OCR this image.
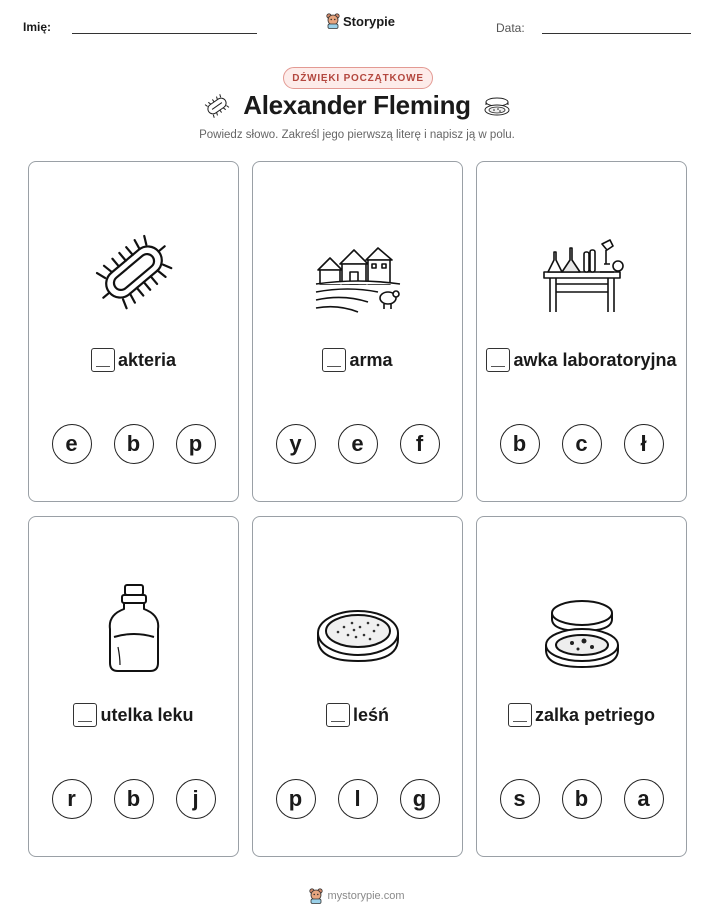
Imię:	Storypie	Data:
DŹWIĘKI POCZĄTKOWE
Alexander Fleming
Powiedz słowo. Zakreśl jego pierwszą literę i napisz ją w polu.
akteria
e	b	p
arma
y	e	f
awka laboratoryjna
b	c	ł
utelka leku
r	b	j
leśń
p	l	g
zalka petriego
s	b	a
mystorypie.com
